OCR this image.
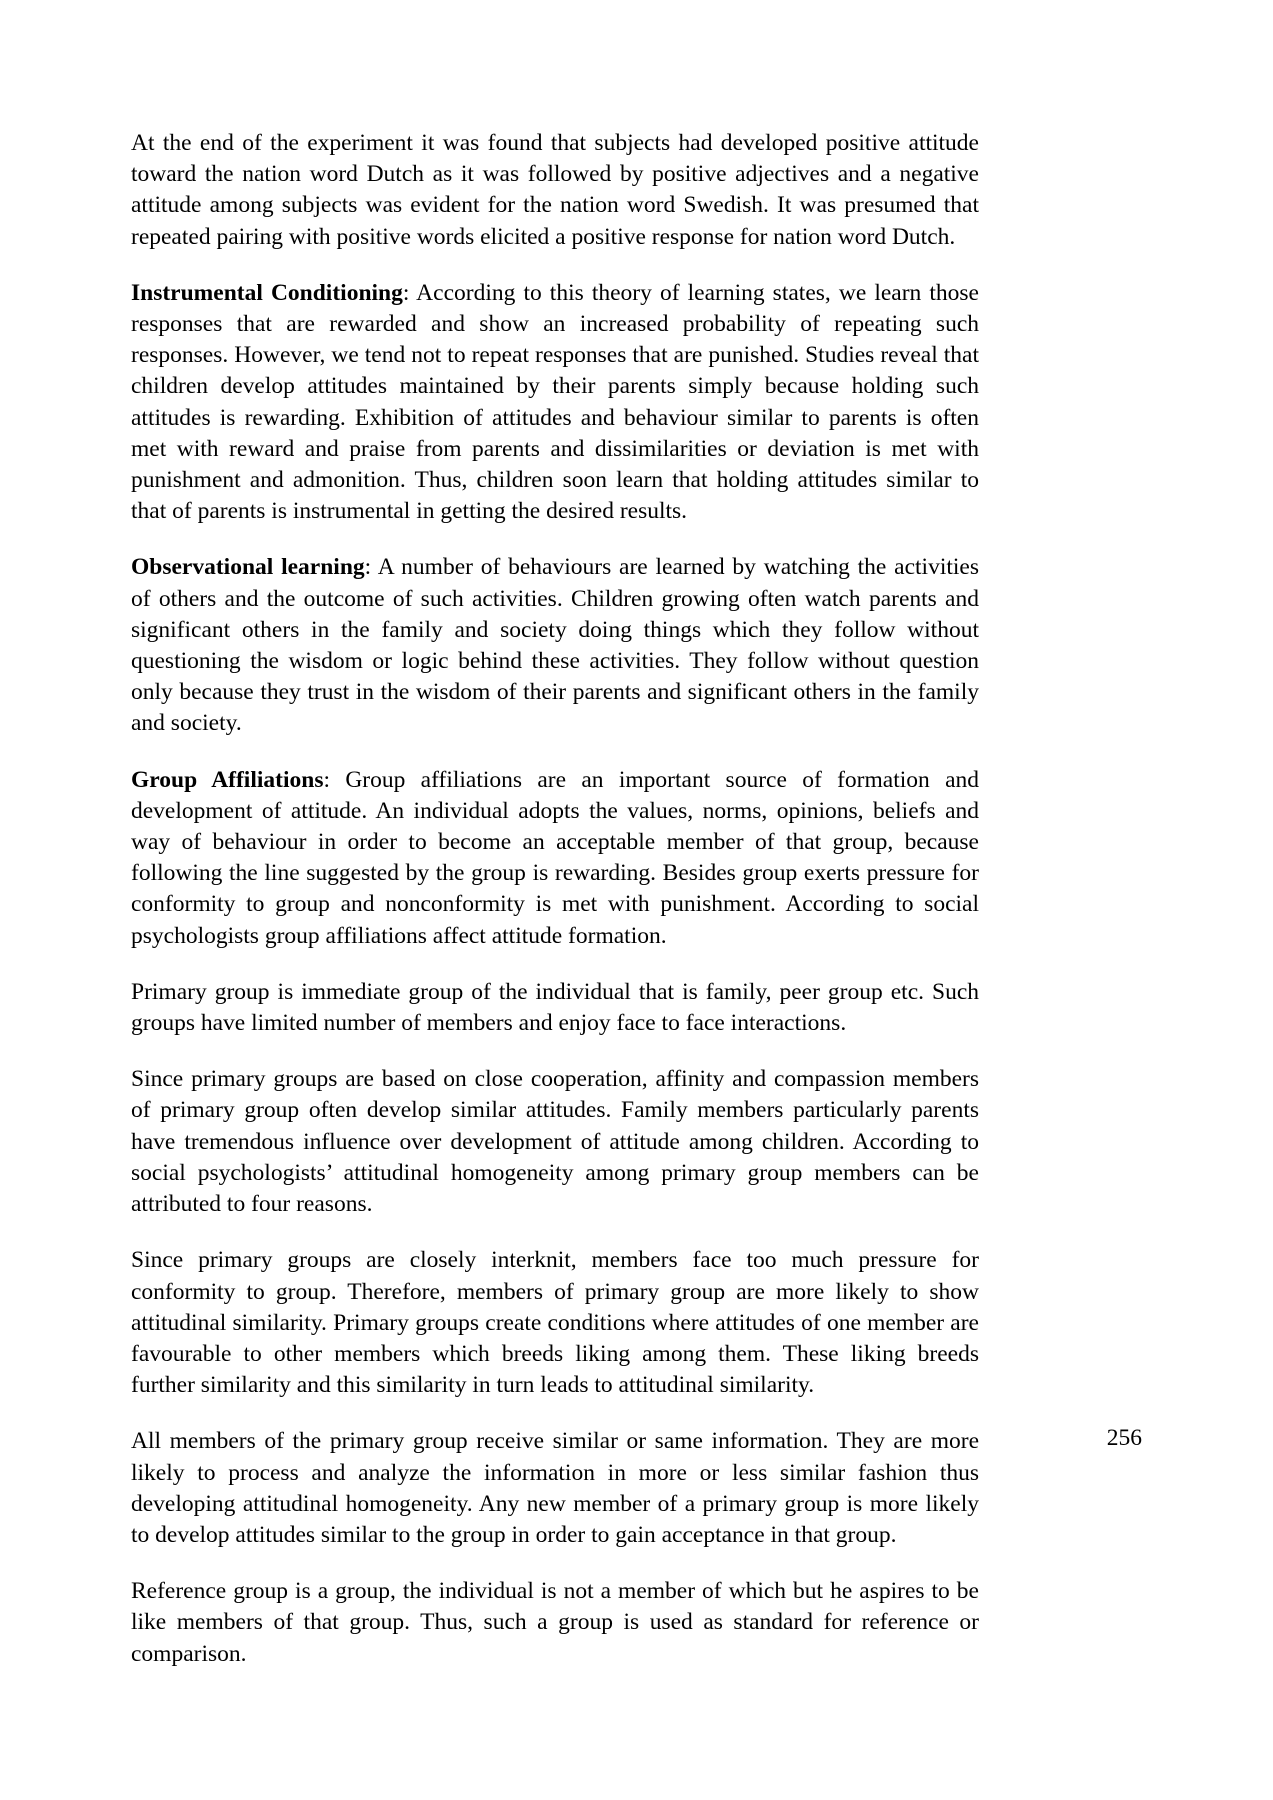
At the end of the experiment it was found that subjects had developed positive attitude toward the nation word Dutch as it was followed by positive adjectives and a negative attitude among subjects was evident for the nation word Swedish. It was presumed that repeated pairing with positive words elicited a positive response for nation word Dutch.

Instrumental Conditioning: According to this theory of learning states, we learn those responses that are rewarded and show an increased probability of repeating such responses. However, we tend not to repeat responses that are punished. Studies reveal that children develop attitudes maintained by their parents simply because holding such attitudes is rewarding. Exhibition of attitudes and behaviour similar to parents is often met with reward and praise from parents and dissimilarities or deviation is met with punishment and admonition. Thus, children soon learn that holding attitudes similar to that of parents is instrumental in getting the desired results.

Observational learning: A number of behaviours are learned by watching the activities of others and the outcome of such activities. Children growing often watch parents and significant others in the family and society doing things which they follow without questioning the wisdom or logic behind these activities. They follow without question only because they trust in the wisdom of their parents and significant others in the family and society.

Group Affiliations: Group affiliations are an important source of formation and development of attitude. An individual adopts the values, norms, opinions, beliefs and way of behaviour in order to become an acceptable member of that group, because following the line suggested by the group is rewarding. Besides group exerts pressure for conformity to group and nonconformity is met with punishment. According to social psychologists group affiliations affect attitude formation.

Primary group is immediate group of the individual that is family, peer group etc. Such groups have limited number of members and enjoy face to face interactions.

Since primary groups are based on close cooperation, affinity and compassion members of primary group often develop similar attitudes. Family members particularly parents have tremendous influence over development of attitude among children. According to social psychologists’ attitudinal homogeneity among primary group members can be attributed to four reasons.

Since primary groups are closely interknit, members face too much pressure for conformity to group. Therefore, members of primary group are more likely to show attitudinal similarity. Primary groups create conditions where attitudes of one member are favourable to other members which breeds liking among them. These liking breeds further similarity and this similarity in turn leads to attitudinal similarity.

All members of the primary group receive similar or same information. They are more likely to process and analyze the information in more or less similar fashion thus developing attitudinal homogeneity. Any new member of a primary group is more likely to develop attitudes similar to the group in order to gain acceptance in that group.

Reference group is a group, the individual is not a member of which but he aspires to be like members of that group. Thus, such a group is used as standard for reference or comparison.

256
